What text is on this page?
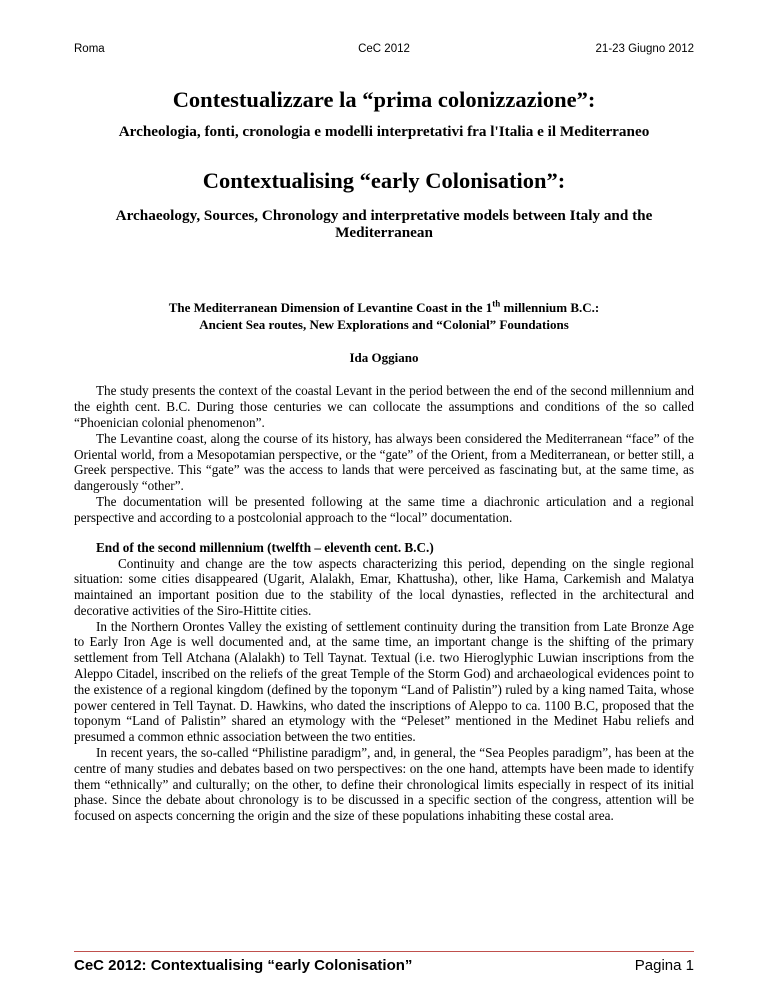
Roma	CeC 2012	21-23 Giugno 2012
Contestualizzare la “prima colonizzazione”:
Archeologia, fonti, cronologia e modelli interpretativi fra l'Italia e il Mediterraneo
Contextualising “early Colonisation”:
Archaeology, Sources, Chronology and interpretative models between Italy and the Mediterranean
The Mediterranean Dimension of Levantine Coast in the 1th millennium B.C.:
Ancient Sea routes, New Explorations and “Colonial” Foundations
Ida Oggiano

The study presents the context of the coastal Levant in the period between the end of the second millennium and the eighth cent. B.C. During those centuries we can collocate the assumptions and conditions of the so called “Phoenician colonial phenomenon”.

The Levantine coast, along the course of its history, has always been considered the Mediterranean “face” of the Oriental world, from a Mesopotamian perspective, or the “gate” of the Orient, from a Mediterranean, or better still, a Greek perspective. This “gate” was the access to lands that were perceived as fascinating but, at the same time, as dangerously “other”.

The documentation will be presented following at the same time a diachronic articulation and a regional perspective and according to a postcolonial approach to the “local” documentation.

End of the second millennium (twelfth – eleventh cent. B.C.)

Continuity and change are the tow aspects characterizing this period, depending on the single regional situation: some cities disappeared (Ugarit, Alalakh, Emar, Khattusha), other, like Hama, Carkemish and Malatya maintained an important position due to the stability of the local dynasties, reflected in the architectural and decorative activities of the Siro-Hittite cities.

In the Northern Orontes Valley the existing of settlement continuity during the transition from Late Bronze Age to Early Iron Age is well documented and, at the same time, an important change is the shifting of the primary settlement from Tell Atchana (Alalakh) to Tell Taynat. Textual (i.e. two Hieroglyphic Luwian inscriptions from the Aleppo Citadel, inscribed on the reliefs of the great Temple of the Storm God) and archaeological evidences point to the existence of a regional kingdom (defined by the toponym “Land of Palistin”) ruled by a king named Taita, whose power centered in Tell Taynat. D. Hawkins, who dated the inscriptions of Aleppo to ca. 1100 B.C, proposed that the toponym “Land of Palistin” shared an etymology with the “Peleset” mentioned in the Medinet Habu reliefs and presumed a common ethnic association between the two entities.

In recent years, the so-called “Philistine paradigm”, and, in general, the “Sea Peoples paradigm”, has been at the centre of many studies and debates based on two perspectives: on the one hand, attempts have been made to identify them “ethnically” and culturally; on the other, to define their chronological limits especially in respect of its initial phase. Since the debate about chronology is to be discussed in a specific section of the congress, attention will be focused on aspects concerning the origin and the size of these populations inhabiting these costal area.

CeC 2012: Contextualising “early Colonisation”	Pagina 1
